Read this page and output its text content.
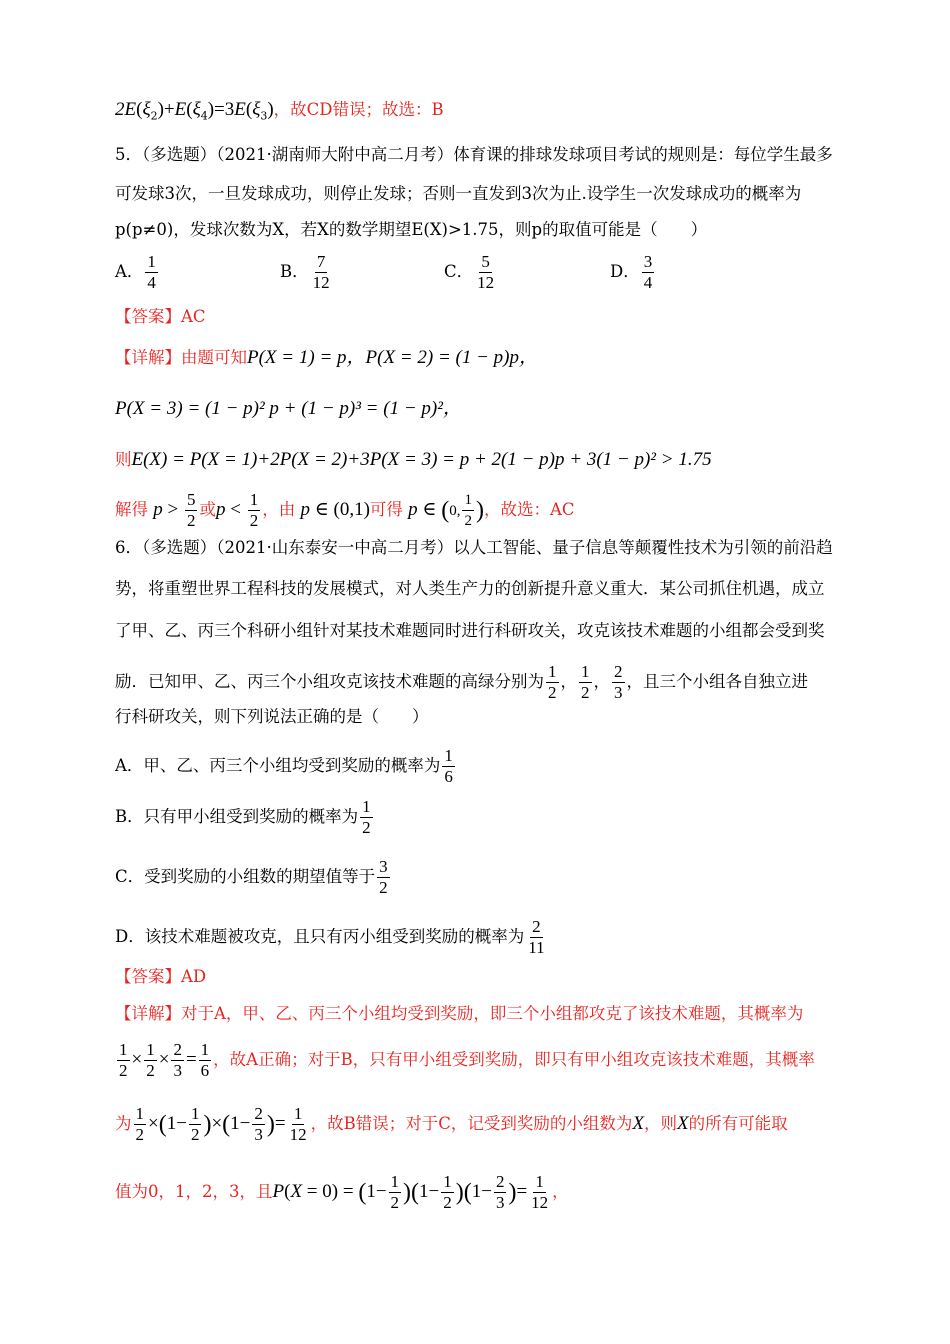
$2E(\xi_2)+E(\xi_4)=3E(\xi_3)$，故CD错误；故选：B
5．（多选题）（2021·湖南师大附中高二月考）体育课的排球发球项目考试的规则是：每位学生最多
可发球3次，一旦发球成功，则停止发球；否则一直发到3次为止.设学生一次发球成功的概率为
p(p≠0)，发球次数为X，若X的数学期望E(X)>1.75，则p的取值可能是（　　）
A． $\frac{1}{4}$	B． $\frac{7}{12}$	C． $\frac{5}{12}$	D． $\frac{3}{4}$
【答案】AC
【详解】由题可知P(X = 1) = p，P(X = 2) = (1 − p)p，
P(X = 3) = (1 − p)² p + (1 − p)³ = (1 − p)²，
则E(X) = P(X = 1)+2P(X = 2)+3P(X = 3) = p + 2(1 − p)p + 3(1 − p)² > 1.75
解得 $p > \frac{5}{2}$ 或$p < \frac{1}{2}$ ，由 p ∈ (0,1)可得 p ∈ (0, $\frac{1}{2}$ )，故选：AC
6．（多选题）（2021·山东泰安一中高二月考）以人工智能、量子信息等颠覆性技术为引领的前沿趋
势，将重塑世界工程科技的发展模式，对人类生产力的创新提升意义重大．某公司抓住机遇，成立
了甲、乙、丙三个科研小组针对某技术难题同时进行科研攻关，攻克该技术难题的小组都会受到奖
励．已知甲、乙、丙三个小组攻克该技术难题的高绿分别为 $\frac{1}{2}$ ， $\frac{1}{2}$ ， $\frac{2}{3}$ ，且三个小组各自独立进
行科研攻关，则下列说法正确的是（　　）
A．甲、乙、丙三个小组均受到奖励的概率为 $\frac{1}{6}$
B．只有甲小组受到奖励的概率为 $\frac{1}{2}$
C．受到奖励的小组数的期望值等于 $\frac{3}{2}$
D．该技术难题被攻克，且只有丙小组受到奖励的概率为 $\frac{2}{11}$
【答案】AD
【详解】对于A，甲、乙、丙三个小组均受到奖励，即三个小组都攻克了该技术难题，其概率为
$\frac{1}{2} \times \frac{1}{2} \times \frac{2}{3} = \frac{1}{6}$ ，故A正确；对于B，只有甲小组受到奖励，即只有甲小组攻克该技术难题，其概率
为 $\frac{1}{2} \times(1- \frac{1}{2} )\times(1- \frac{2}{3}$ )= $\frac{1}{12}$ ，故B错误；对于C，记受到奖励的小组数为X，则X的所有可能取
值为0，1，2，3，且$P(X = 0) = (1- \frac{1}{2} )(1- \frac{1}{2} )(1- \frac{2}{3}$ )= $\frac{1}{12}$ ，
